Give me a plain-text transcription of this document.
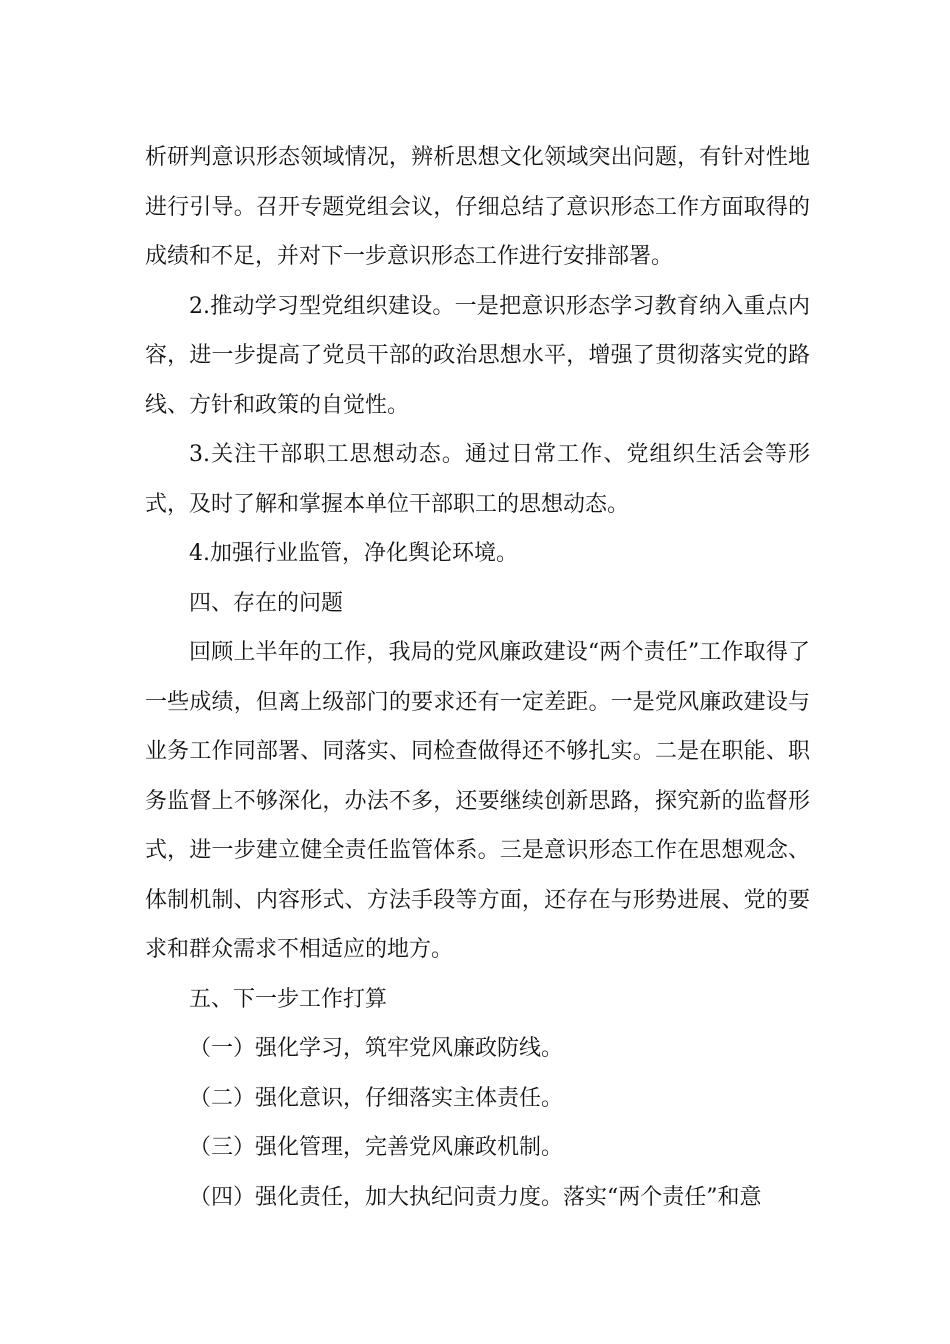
析研判意识形态领域情况，辨析思想文化领域突出问题，有针对性地进行引导。召开专题党组会议，仔细总结了意识形态工作方面取得的成绩和不足，并对下一步意识形态工作进行安排部署。

2.推动学习型党组织建设。一是把意识形态学习教育纳入重点内容，进一步提高了党员干部的政治思想水平，增强了贯彻落实党的路线、方针和政策的自觉性。

3.关注干部职工思想动态。通过日常工作、党组织生活会等形式，及时了解和掌握本单位干部职工的思想动态。

4.加强行业监管，净化舆论环境。

四、存在的问题

回顾上半年的工作，我局的党风廉政建设“两个责任”工作取得了一些成绩，但离上级部门的要求还有一定差距。一是党风廉政建设与业务工作同部署、同落实、同检查做得还不够扎实。二是在职能、职务监督上不够深化，办法不多，还要继续创新思路，探究新的监督形式，进一步建立健全责任监管体系。三是意识形态工作在思想观念、体制机制、内容形式、方法手段等方面，还存在与形势进展、党的要求和群众需求不相适应的地方。

五、下一步工作打算

（一）强化学习，筑牢党风廉政防线。

（二）强化意识，仔细落实主体责任。

（三）强化管理，完善党风廉政机制。

（四）强化责任，加大执纪问责力度。落实“两个责任”和意
